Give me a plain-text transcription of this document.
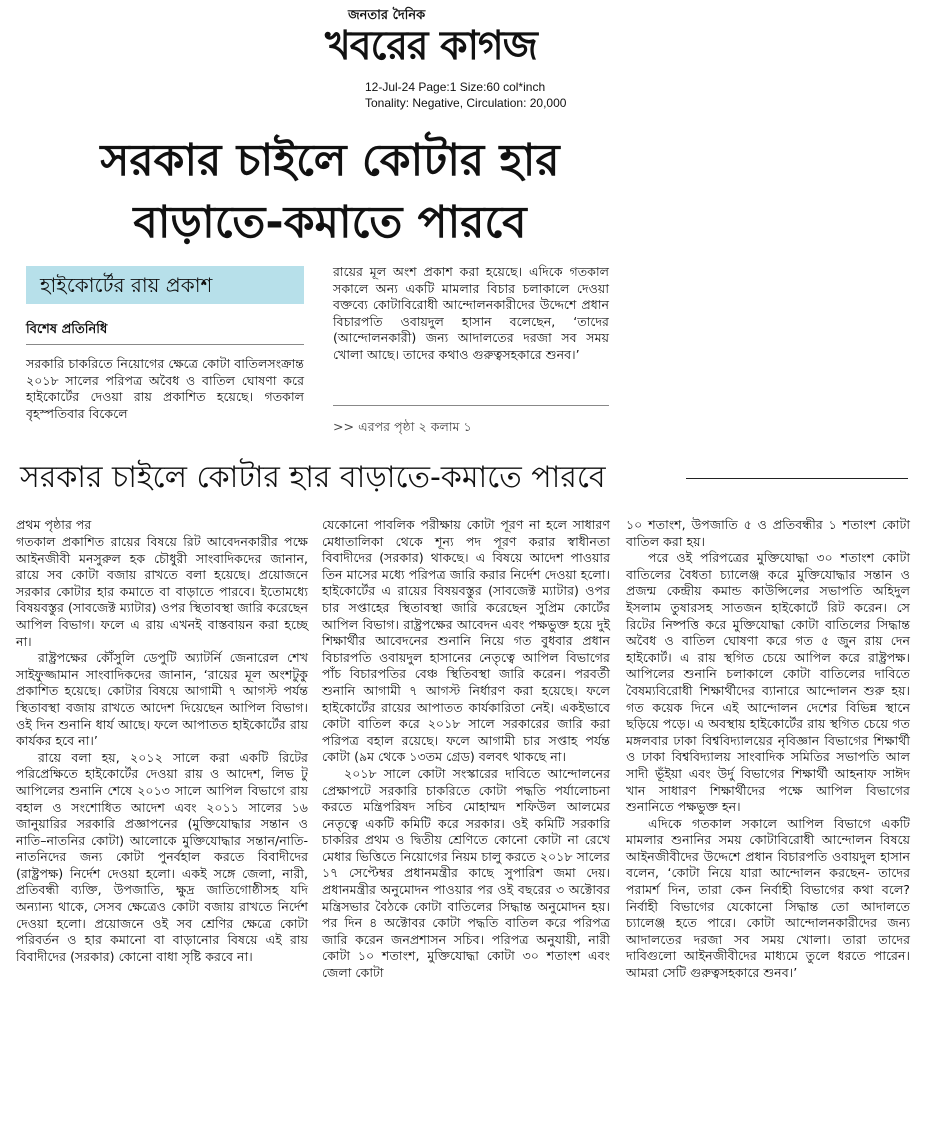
জনতার দৈনিক
খবরের কাগজ
12-Jul-24 Page:1 Size:60 col*inch
Tonality: Negative, Circulation: 20,000
সরকার চাইলে কোটার হার বাড়াতে-কমাতে পারবে
হাইকোর্টের রায় প্রকাশ
বিশেষ প্রতিনিধি
সরকারি চাকরিতে নিয়োগের ক্ষেত্রে কোটা বাতিলসংক্রান্ত ২০১৮ সালের পরিপত্র অবৈধ ও বাতিল ঘোষণা করে হাইকোর্টের দেওয়া রায় প্রকাশিত হয়েছে। গতকাল বৃহস্পতিবার বিকেলে
রায়ের মূল অংশ প্রকাশ করা হয়েছে। এদিকে গতকাল সকালে অন্য একটি মামলার বিচার চলাকালে দেওয়া বক্তব্যে কোটাবিরোধী আন্দোলনকারীদের উদ্দেশে প্রধান বিচারপতি ওবায়দুল হাসান বলেছেন, ‘তাদের (আন্দোলনকারী) জন্য আদালতের দরজা সব সময় খোলা আছে। তাদের কথাও গুরুত্বসহকারে শুনব।’
>> এরপর পৃষ্ঠা ২ কলাম ১
সরকার চাইলে কোটার হার বাড়াতে-কমাতে পারবে
প্রথম পৃষ্ঠার পর

গতকাল প্রকাশিত রায়ের বিষয়ে রিট আবেদনকারীর পক্ষে আইনজীবী মনসুরুল হক চৌধুরী সাংবাদিকদের জানান, রায়ে সব কোটা বজায় রাখতে বলা হয়েছে। প্রয়োজনে সরকার কোটার হার কমাতে বা বাড়াতে পারবে। ইতোমধ্যে বিষয়বস্তুর (সাবজেক্ট ম্যাটার) ওপর স্থিতাবস্থা জারি করেছেন আপিল বিভাগ। ফলে এ রায় এখনই বাস্তবায়ন করা হচ্ছে না।

রাষ্ট্রপক্ষের কৌঁসুলি ডেপুটি অ্যাটর্নি জেনারেল শেখ সাইফুজ্জামান সাংবাদিকদের জানান, ‘রায়ের মূল অংশটুকু প্রকাশিত হয়েছে। কোটার বিষয়ে আগামী ৭ আগস্ট পর্যন্ত স্থিতাবস্থা বজায় রাখতে আদেশ দিয়েছেন আপিল বিভাগ। ওই দিন শুনানি ধার্য আছে। ফলে আপাতত হাইকোর্টের রায় কার্যকর হবে না।’

রায়ে বলা হয়, ২০১২ সালে করা একটি রিটের পরিপ্রেক্ষিতে হাইকোর্টের দেওয়া রায় ও আদেশ, লিভ টু আপিলের শুনানি শেষে ২০১৩ সালে আপিল বিভাগে রায় বহাল ও সংশোধিত আদেশ এবং ২০১১ সালের ১৬ জানুয়ারির সরকারি প্রজ্ঞাপনের (মুক্তিযোদ্ধার সন্তান ও নাতি–নাতনির কোটা) আলোকে মুক্তিযোদ্ধার সন্তান/নাতি-নাতনিদের জন্য কোটা পুনর্বহাল করতে বিবাদীদের (রাষ্ট্রপক্ষ) নির্দেশ দেওয়া হলো। একই সঙ্গে জেলা, নারী, প্রতিবন্ধী ব্যক্তি, উপজাতি, ক্ষুদ্র জাতিগোষ্ঠীসহ যদি অন্যান্য থাকে, সেসব ক্ষেত্রেও কোটা বজায় রাখতে নির্দেশ দেওয়া হলো। প্রয়োজনে ওই সব শ্রেণির ক্ষেত্রে কোটা পরিবর্তন ও হার কমানো বা বাড়ানোর বিষয়ে এই রায় বিবাদীদের (সরকার) কোনো বাধা সৃষ্টি করবে না।

যেকোনো পাবলিক পরীক্ষায় কোটা পূরণ না হলে সাধারণ মেধাতালিকা থেকে শূন্য পদ পূরণ করার স্বাধীনতা বিবাদীদের (সরকার) থাকছে। এ বিষয়ে আদেশ পাওয়ার তিন মাসের মধ্যে পরিপত্র জারি করার নির্দেশ দেওয়া হলো। হাইকোর্টের এ রায়ের বিষয়বস্তুর (সাবজেক্ট ম্যাটার) ওপর চার সপ্তাহের স্থিতাবস্থা জারি করেছেন সুপ্রিম কোর্টের আপিল বিভাগ। রাষ্ট্রপক্ষের আবেদন এবং পক্ষভুক্ত হয়ে দুই শিক্ষার্থীর আবেদনের শুনানি নিয়ে গত বুধবার প্রধান বিচারপতি ওবায়দুল হাসানের নেতৃত্বে আপিল বিভাগের পাঁচ বিচারপতির বেঞ্চ স্থিতিবস্থা জারি করেন। পরবর্তী শুনানি আগামী ৭ আগস্ট নির্ধারণ করা হয়েছে। ফলে হাইকোর্টের রায়ের আপাতত কার্যকারিতা নেই। একইভাবে কোটা বাতিল করে ২০১৮ সালে সরকারের জারি করা পরিপত্র বহাল রয়েছে। ফলে আগামী চার সপ্তাহ পর্যন্ত কোটা (৯ম থেকে ১৩তম গ্রেড) বলবৎ থাকছে না।

২০১৮ সালে কোটা সংস্কারের দাবিতে আন্দোলনের প্রেক্ষাপটে সরকারি চাকরিতে কোটা পদ্ধতি পর্যালোচনা করতে মন্ত্রিপরিষদ সচিব মোহাম্মদ শফিউল আলমের নেতৃত্বে একটি কমিটি করে সরকার। ওই কমিটি সরকারি চাকরির প্রথম ও দ্বিতীয় শ্রেণিতে কোনো কোটা না রেখে মেধার ভিত্তিতে নিয়োগের নিয়ম চালু করতে ২০১৮ সালের ১৭ সেপ্টেম্বর প্রধানমন্ত্রীর কাছে সুপারিশ জমা দেয়। প্রধানমন্ত্রীর অনুমোদন পাওয়ার পর ওই বছরের ৩ অক্টোবর মন্ত্রিসভার বৈঠকে কোটা বাতিলের সিদ্ধান্ত অনুমোদন হয়। পর দিন ৪ অক্টোবর কোটা পদ্ধতি বাতিল করে পরিপত্র জারি করেন জনপ্রশাসন সচিব। পরিপত্র অনুযায়ী, নারী কোটা ১০ শতাংশ, মুক্তিযোদ্ধা কোটা ৩০ শতাংশ এবং জেলা কোটা

১০ শতাংশ, উপজাতি ৫ ও প্রতিবন্ধীর ১ শতাংশ কোটা বাতিল করা হয়।

পরে ওই পরিপত্রের মুক্তিযোদ্ধা ৩০ শতাংশ কোটা বাতিলের বৈধতা চ্যালেঞ্জ করে মুক্তিযোদ্ধার সন্তান ও প্রজন্ম কেন্দ্রীয় কমান্ড কাউন্সিলের সভাপতি অহিদুল ইসলাম তুষারসহ সাতজন হাইকোর্টে রিট করেন। সে রিটের নিষ্পত্তি করে মুক্তিযোদ্ধা কোটা বাতিলের সিদ্ধান্ত অবৈধ ও বাতিল ঘোষণা করে গত ৫ জুন রায় দেন হাইকোর্ট। এ রায় স্থগিত চেয়ে আপিল করে রাষ্ট্রপক্ষ। আপিলের শুনানি চলাকালে কোটা বাতিলের দাবিতে বৈষম্যবিরোধী শিক্ষার্থীদের ব্যানারে আন্দোলন শুরু হয়। গত কয়েক দিনে এই আন্দোলন দেশের বিভিন্ন স্থানে ছড়িয়ে পড়ে। এ অবস্থায় হাইকোর্টের রায় স্থগিত চেয়ে গত মঙ্গলবার ঢাকা বিশ্ববিদ্যালয়ের নৃবিজ্ঞান বিভাগের শিক্ষার্থী ও ঢাকা বিশ্ববিদ্যালয় সাংবাদিক সমিতির সভাপতি আল সাদী ভূঁইয়া এবং উর্দু বিভাগের শিক্ষার্থী আহনাফ সাঈদ খান সাধারণ শিক্ষার্থীদের পক্ষে আপিল বিভাগের শুনানিতে পক্ষভুক্ত হন।

এদিকে গতকাল সকালে আপিল বিভাগে একটি মামলার শুনানির সময় কোটাবিরোধী আন্দোলন বিষয়ে আইনজীবীদের উদ্দেশে প্রধান বিচারপতি ওবায়দুল হাসান বলেন, ‘কোটা নিয়ে যারা আন্দোলন করছেন- তাদের পরামর্শ দিন, তারা কেন নির্বাহী বিভাগের কথা বলে? নির্বাহী বিভাগের যেকোনো সিদ্ধান্ত তো আদালতে চ্যালেঞ্জ হতে পারে। কোটা আন্দোলনকারীদের জন্য আদালতের দরজা সব সময় খোলা। তারা তাদের দাবিগুলো আইনজীবীদের মাধ্যমে তুলে ধরতে পারেন। আমরা সেটি গুরুত্বসহকারে শুনব।’
